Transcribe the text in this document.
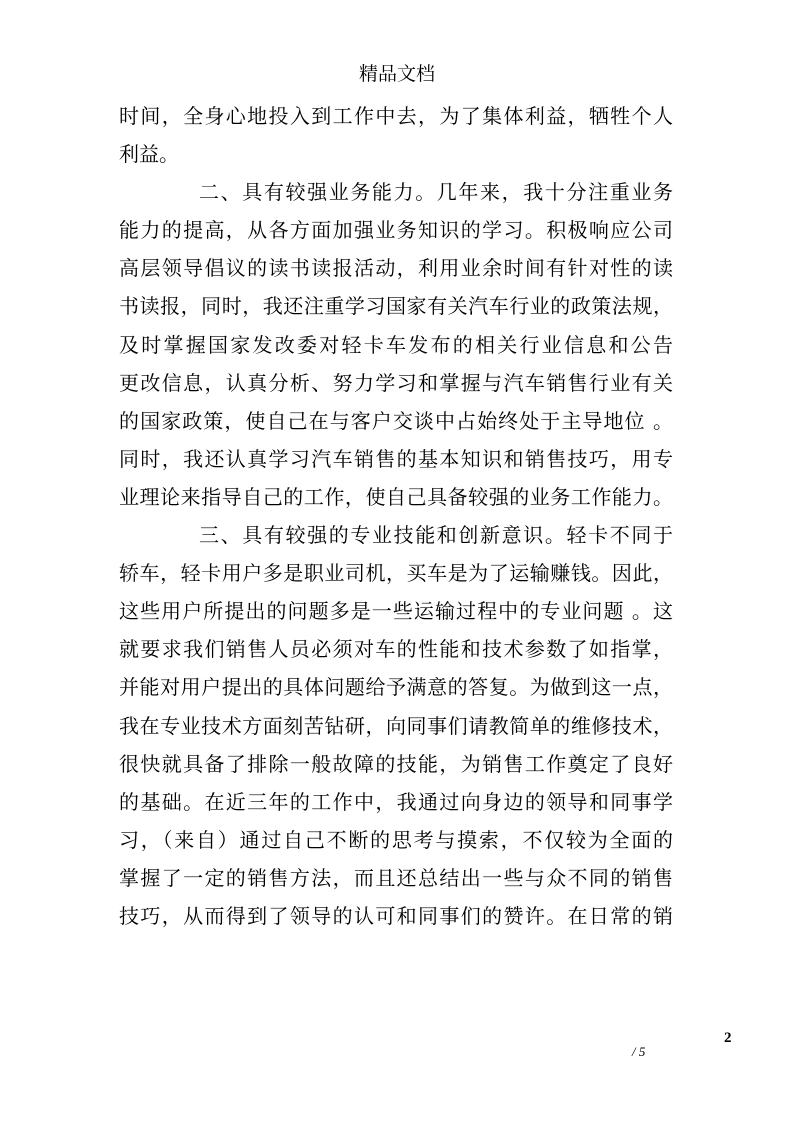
精品文档
时间，全身心地投入到工作中去，为了集体利益，牺牲个人
利益。
二、具有较强业务能力。几年来，我十分注重业务
能力的提高，从各方面加强业务知识的学习。积极响应公司
高层领导倡议的读书读报活动，利用业余时间有针对性的读
书读报，同时，我还注重学习国家有关汽车行业的政策法规，
及时掌握国家发改委对轻卡车发布的相关行业信息和公告
更改信息，认真分析、努力学习和掌握与汽车销售行业有关
的国家政策，使自己在与客户交谈中占始终处于主导地位 。
同时，我还认真学习汽车销售的基本知识和销售技巧，用专
业理论来指导自己的工作，使自己具备较强的业务工作能力。
三、具有较强的专业技能和创新意识。轻卡不同于
轿车，轻卡用户多是职业司机，买车是为了运输赚钱。因此，
这些用户所提出的问题多是一些运输过程中的专业问题 。这
就要求我们销售人员必须对车的性能和技术参数了如指掌，
并能对用户提出的具体问题给予满意的答复。为做到这一点，
我在专业技术方面刻苦钻研，向同事们请教简单的维修技术，
很快就具备了排除一般故障的技能，为销售工作奠定了良好
的基础。在近三年的工作中，我通过向身边的领导和同事学
习，（来自）通过自己不断的思考与摸索，不仅较为全面的
掌握了一定的销售方法，而且还总结出一些与众不同的销售
技巧，从而得到了领导的认可和同事们的赞许。在日常的销
2
/ 5
